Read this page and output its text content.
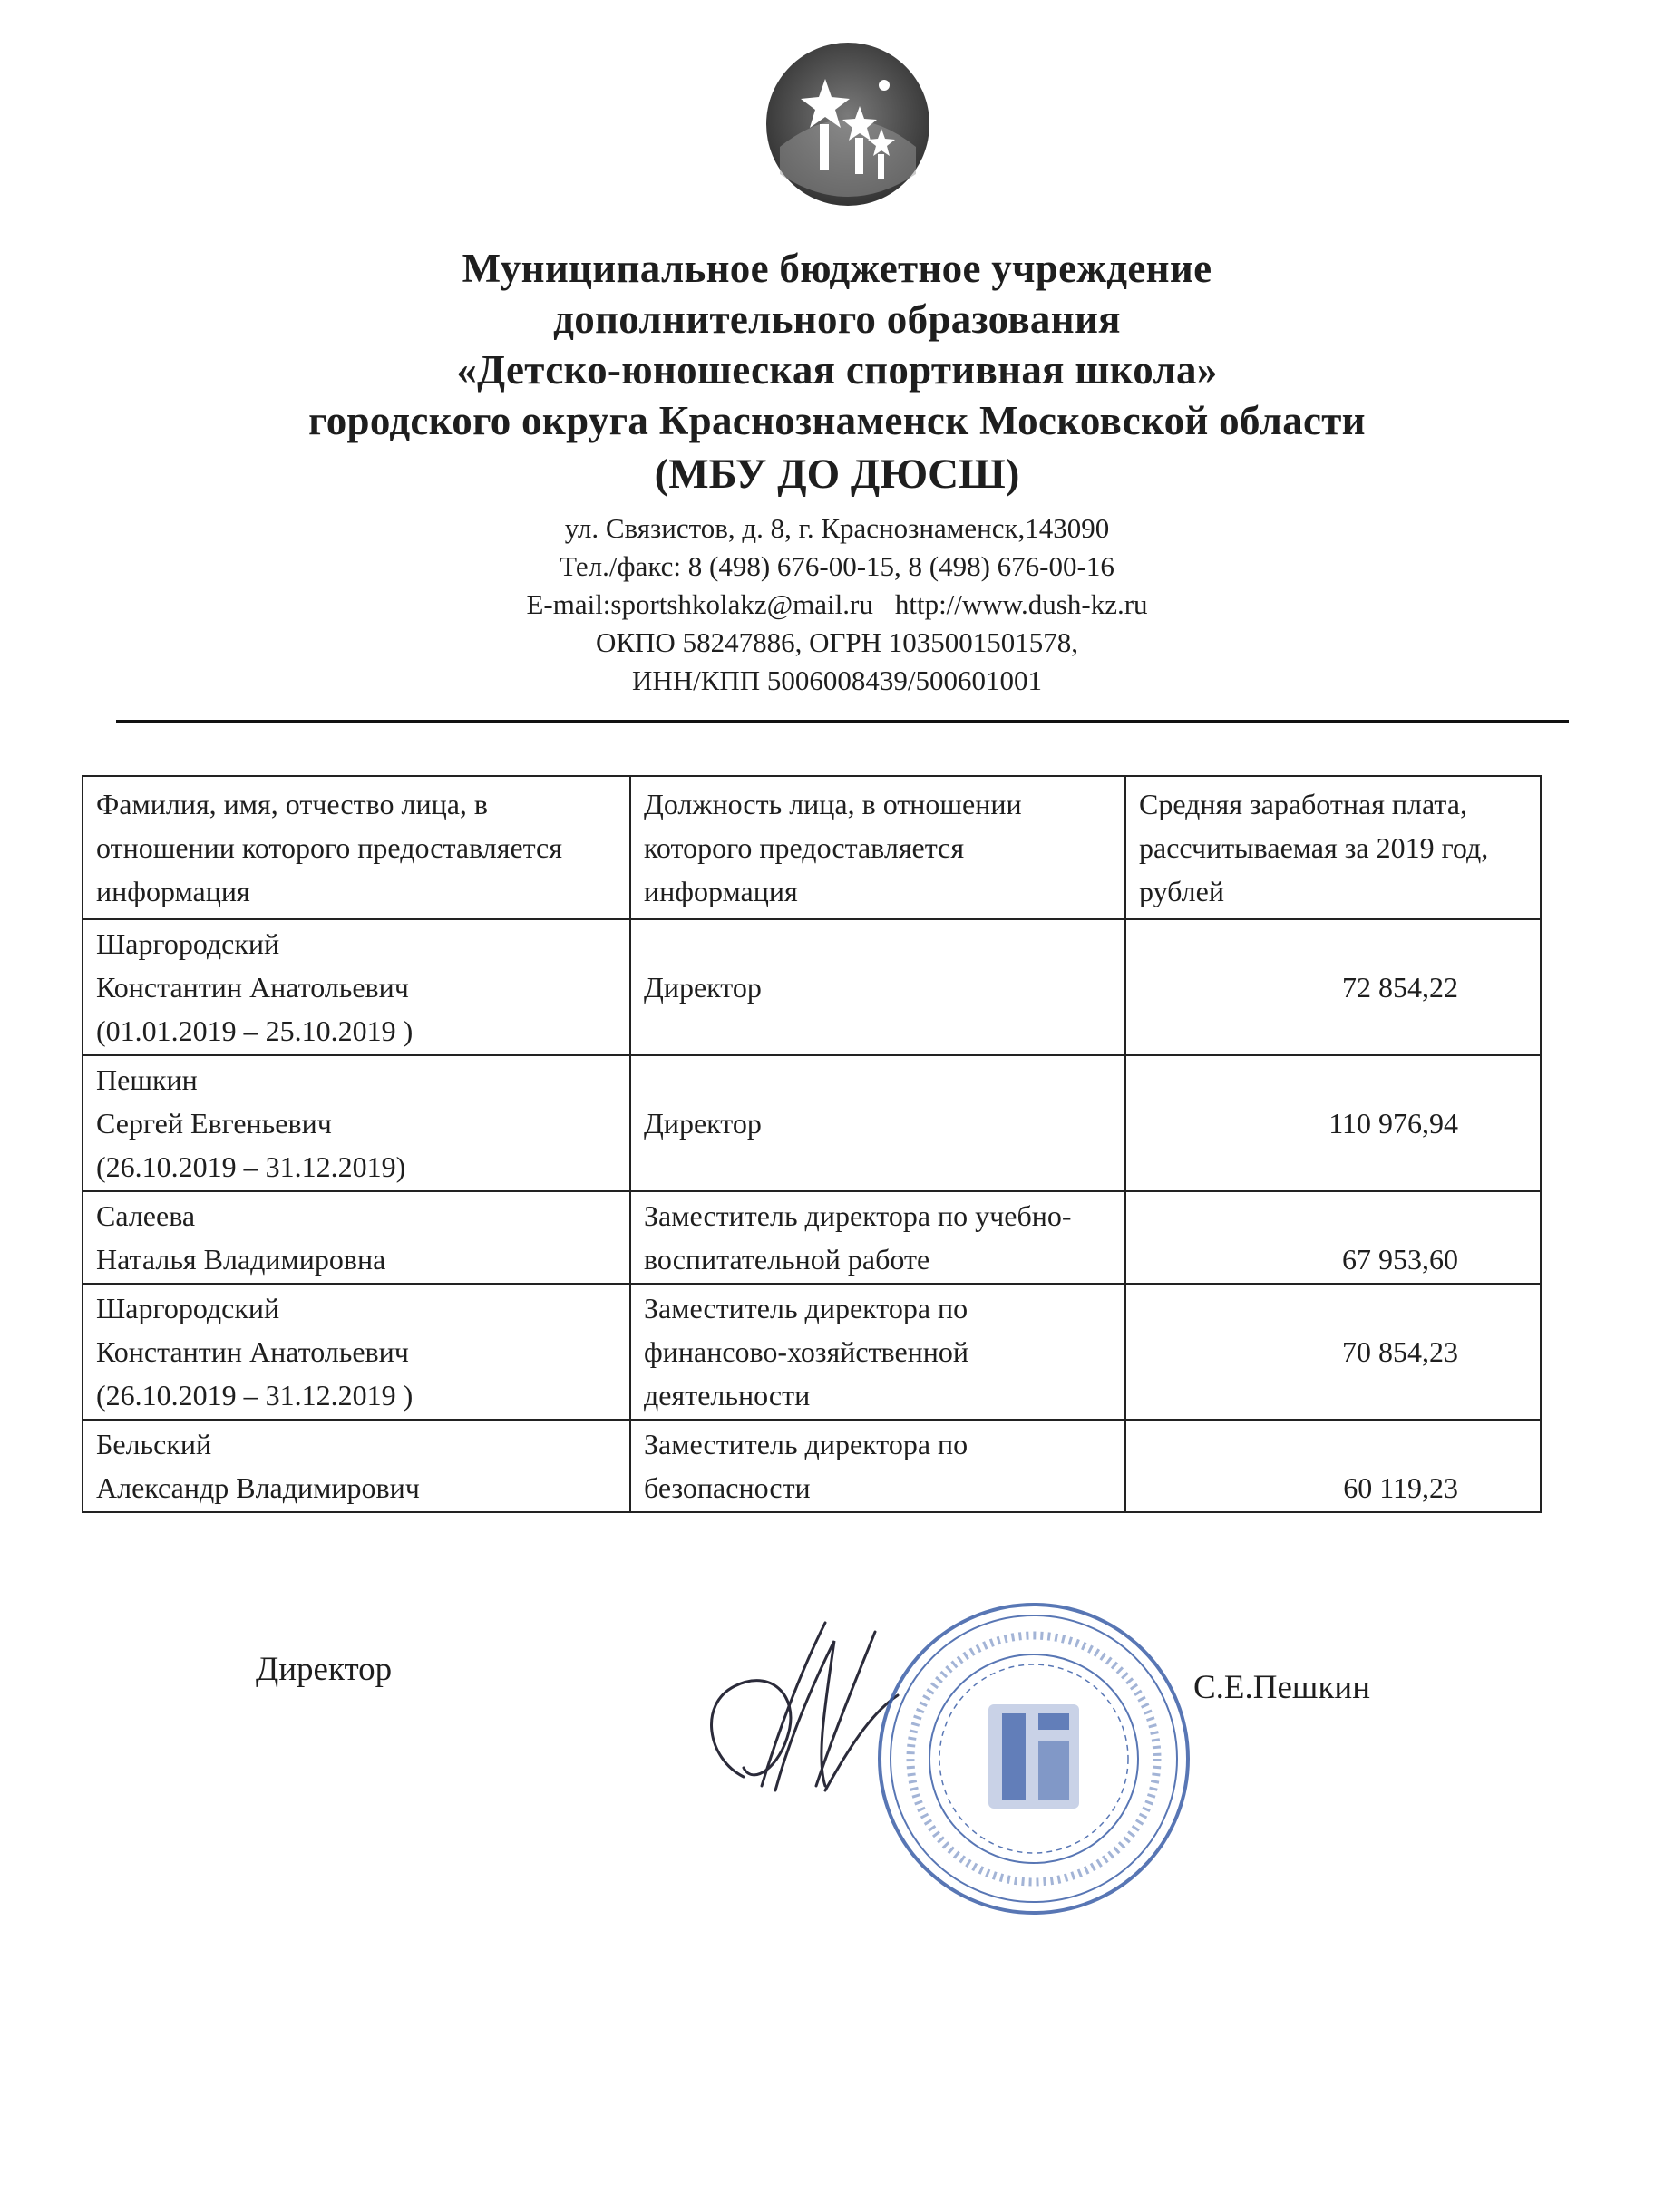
Муниципальное бюджетное учреждение
дополнительного образования
«Детско-юношеская спортивная школа»
городского округа Краснознаменск Московской области
(МБУ ДО ДЮСШ)
ул. Связистов, д. 8, г. Краснознаменск,143090
Тел./факс: 8 (498) 676-00-15, 8 (498) 676-00-16
E-mail:sportshkolakz@mail.ru http://www.dush-kz.ru
ОКПО 58247886, ОГРН 1035001501578,
ИНН/КПП 5006008439/500601001
Фамилия, имя, отчество лица, в отношении которого предоставляется информация	Должность лица, в отношении которого предоставляется информация	Средняя заработная плата, рассчитываемая за 2019 год, рублей

Шаргородский
Константин Анатольевич
(01.01.2019 – 25.10.2019 )	Директор	72 854,22

Пешкин
Сергей Евгеньевич
(26.10.2019 – 31.12.2019)	Директор	110 976,94

Салеева
Наталья Владимировна	Заместитель директора по учебно-воспитательной работе	67 953,60

Шаргородский
Константин Анатольевич
(26.10.2019 – 31.12.2019 )	Заместитель директора по финансово-хозяйственной деятельности	70 854,23

Бельский
Александр Владимирович	Заместитель директора по безопасности	60 119,23
Директор	С.Е.Пешкин
